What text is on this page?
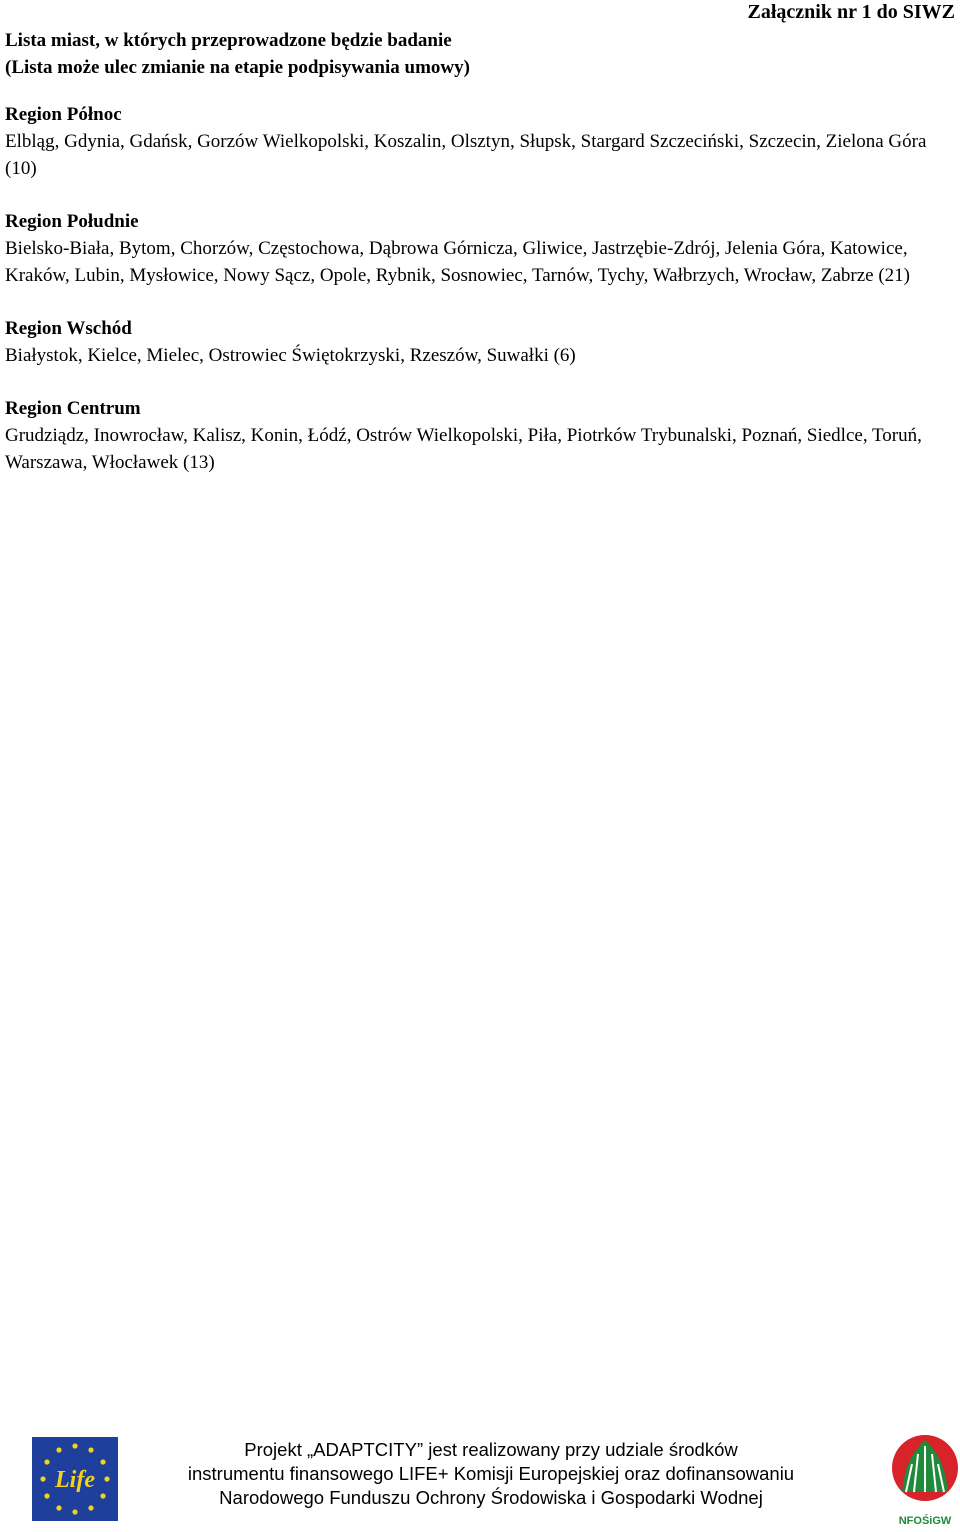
Lista miast, w których przeprowadzone będzie badanie
(Lista może ulec zmianie na etapie podpisywania umowy)
Załącznik nr 1 do SIWZ
Region Północ
Elbląg, Gdynia, Gdańsk, Gorzów Wielkopolski, Koszalin, Olsztyn, Słupsk, Stargard Szczeciński, Szczecin, Zielona Góra (10)
Region Południe
Bielsko-Biała, Bytom, Chorzów, Częstochowa, Dąbrowa Górnicza, Gliwice, Jastrzębie-Zdrój, Jelenia Góra, Katowice, Kraków, Lubin, Mysłowice, Nowy Sącz, Opole, Rybnik, Sosnowiec, Tarnów, Tychy, Wałbrzych, Wrocław, Zabrze (21)
Region Wschód
Białystok, Kielce, Mielec, Ostrowiec Świętokrzyski, Rzeszów, Suwałki (6)
Region Centrum
Grudziądz, Inowrocław, Kalisz, Konin, Łódź, Ostrów Wielkopolski, Piła, Piotrków Trybunalski, Poznań, Siedlce, Toruń, Warszawa, Włocławek (13)
Life
Projekt „ADAPTCITY” jest realizowany przy udziale środków
instrumentu finansowego LIFE+ Komisji Europejskiej oraz dofinansowaniu
Narodowego Funduszu Ochrony Środowiska i Gospodarki Wodnej
NFOŚiGW
